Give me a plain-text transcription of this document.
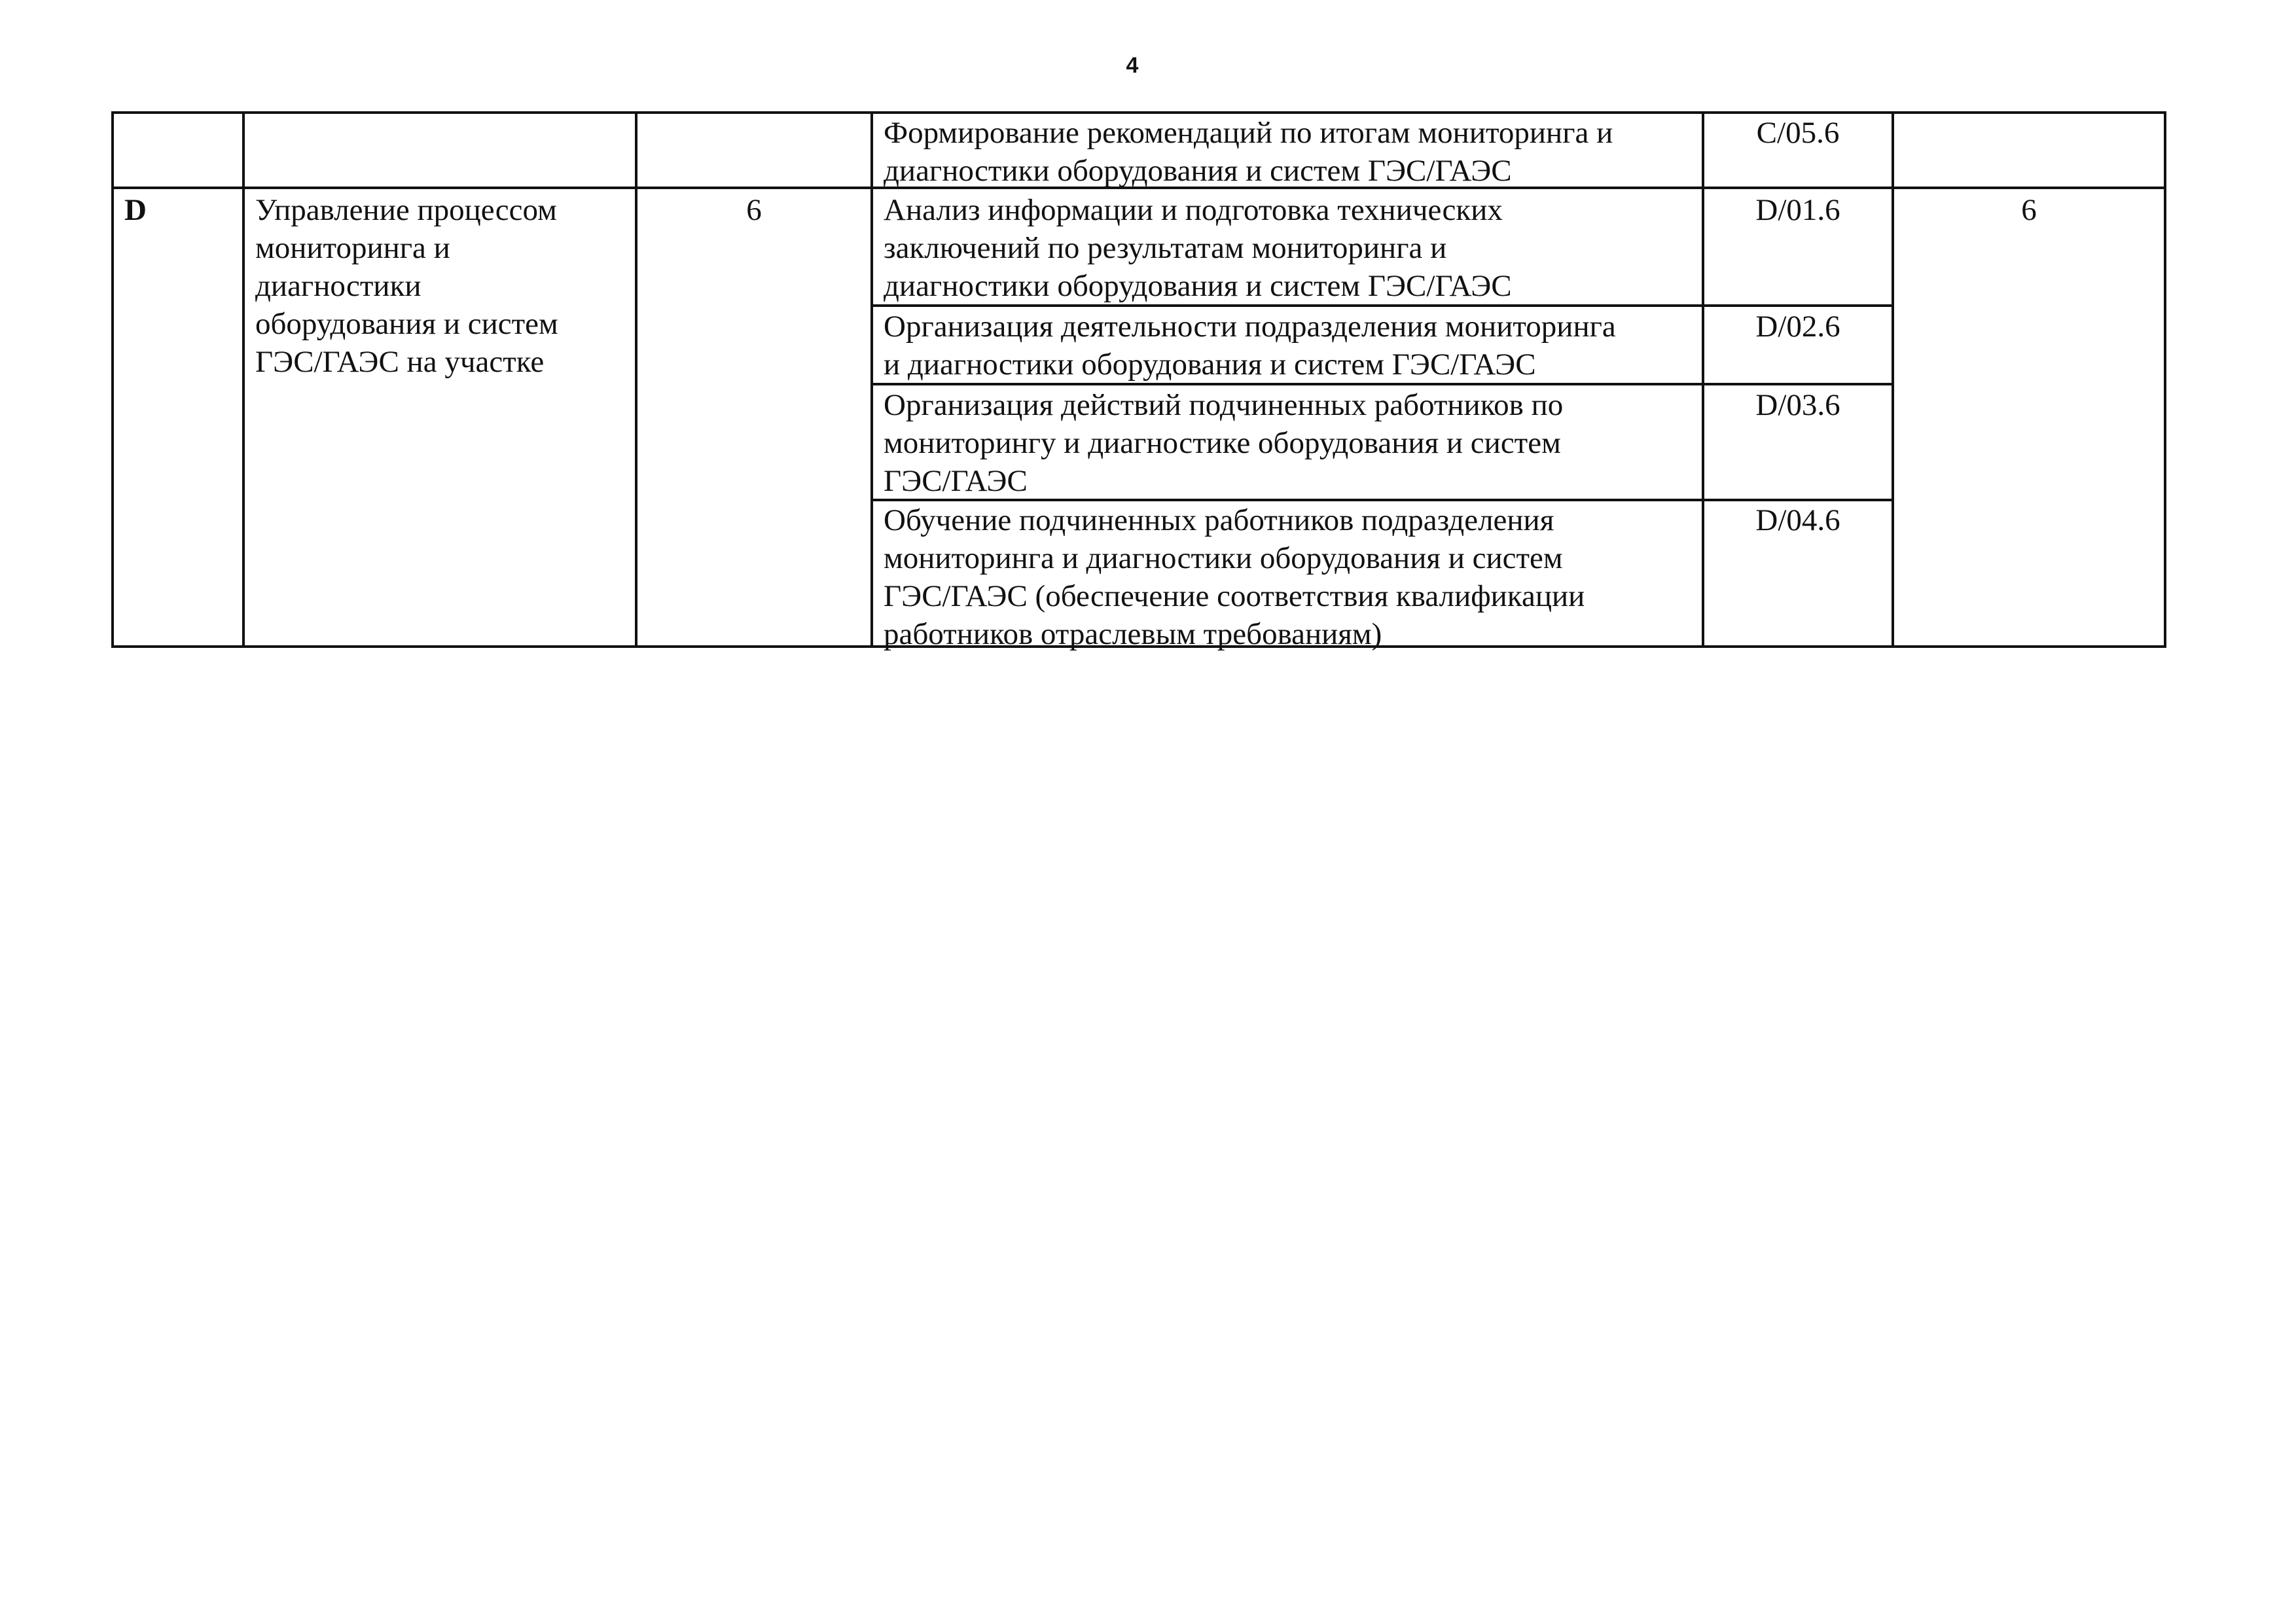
4
Формирование рекомендаций по итогам мониторинга и
диагностики оборудования и систем ГЭС/ГАЭС
C/05.6
D	Управление процессом
мониторинга и
диагностики
оборудования и систем
ГЭС/ГАЭС на участке
6	Анализ информации и подготовка технических
заключений по результатам мониторинга и
диагностики оборудования и систем ГЭС/ГАЭС
D/01.6
Организация деятельности подразделения мониторинга
и диагностики оборудования и систем ГЭС/ГАЭС
D/02.6
Организация действий подчиненных работников по
мониторингу и диагностике оборудования и систем
ГЭС/ГАЭС
D/03.6
Обучение подчиненных работников подразделения
мониторинга и диагностики оборудования и систем
ГЭС/ГАЭС (обеспечение соответствия квалификации
работников отраслевым требованиям)
D/04.6
6
